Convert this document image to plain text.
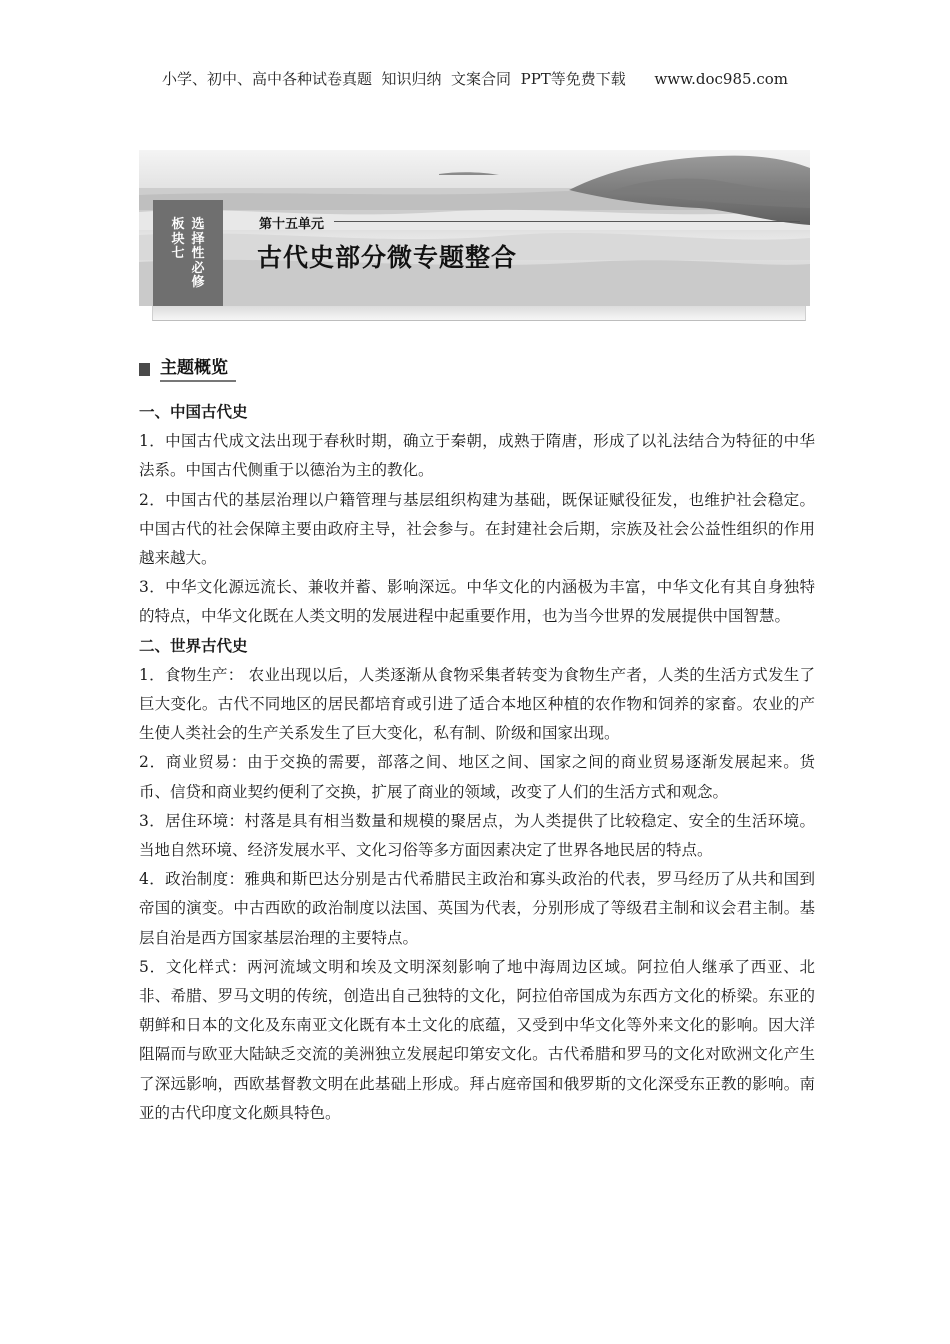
小学、初中、高中各种试卷真题  知识归纳  文案合同  PPT等免费下载      www.doc985.com
板块七
选择性必修
第十五单元
古代史部分微专题整合
主题概览

一、中国古代史

1．中国古代成文法出现于春秋时期，确立于秦朝，成熟于隋唐，形成了以礼法结合为特征的中华法系。中国古代侧重于以德治为主的教化。

2．中国古代的基层治理以户籍管理与基层组织构建为基础，既保证赋役征发，也维护社会稳定。中国古代的社会保障主要由政府主导，社会参与。在封建社会后期，宗族及社会公益性组织的作用越来越大。

3．中华文化源远流长、兼收并蓄、影响深远。中华文化的内涵极为丰富，中华文化有其自身独特的特点，中华文化既在人类文明的发展进程中起重要作用，也为当今世界的发展提供中国智慧。

二、世界古代史

1．食物生产： 农业出现以后，人类逐渐从食物采集者转变为食物生产者，人类的生活方式发生了巨大变化。古代不同地区的居民都培育或引进了适合本地区种植的农作物和饲养的家畜。农业的产生使人类社会的生产关系发生了巨大变化，私有制、阶级和国家出现。

2．商业贸易：由于交换的需要，部落之间、地区之间、国家之间的商业贸易逐渐发展起来。货币、信贷和商业契约便利了交换，扩展了商业的领域，改变了人们的生活方式和观念。

3．居住环境：村落是具有相当数量和规模的聚居点，为人类提供了比较稳定、安全的生活环境。当地自然环境、经济发展水平、文化习俗等多方面因素决定了世界各地民居的特点。

4．政治制度：雅典和斯巴达分别是古代希腊民主政治和寡头政治的代表，罗马经历了从共和国到帝国的演变。中古西欧的政治制度以法国、英国为代表，分别形成了等级君主制和议会君主制。基层自治是西方国家基层治理的主要特点。

5．文化样式：两河流域文明和埃及文明深刻影响了地中海周边区域。阿拉伯人继承了西亚、北非、希腊、罗马文明的传统，创造出自己独特的文化，阿拉伯帝国成为东西方文化的桥梁。东亚的朝鲜和日本的文化及东南亚文化既有本土文化的底蕴，又受到中华文化等外来文化的影响。因大洋阻隔而与欧亚大陆缺乏交流的美洲独立发展起印第安文化。古代希腊和罗马的文化对欧洲文化产生了深远影响，西欧基督教文明在此基础上形成。拜占庭帝国和俄罗斯的文化深受东正教的影响。南亚的古代印度文化颇具特色。
